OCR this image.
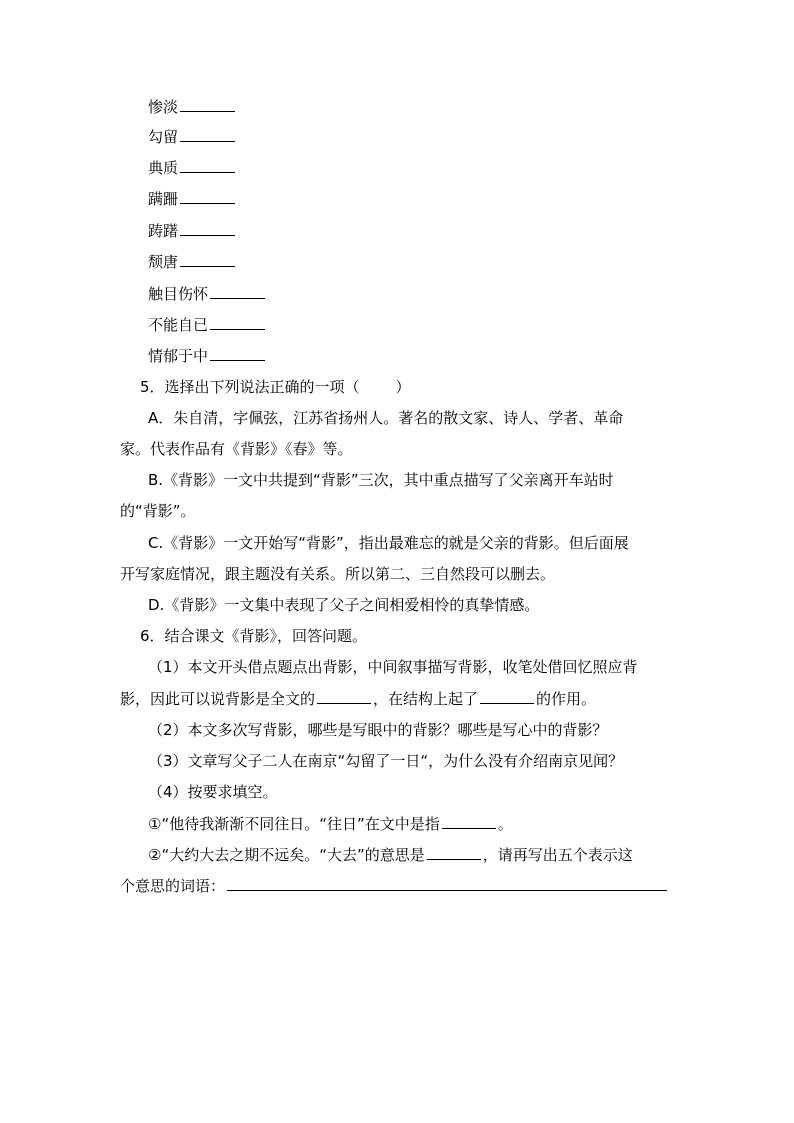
惨淡
勾留
典质
蹒跚
踌躇
颓唐
触目伤怀
不能自已
情郁于中
5．选择出下列说法正确的一项（ ）
A．朱自清，字佩弦，江苏省扬州人。著名的散文家、诗人、学者、革命
家。代表作品有《背影》《春》等。
B.《背影》一文中共提到“背影”三次，其中重点描写了父亲离开车站时
的“背影”。
C.《背影》一文开始写“背影”，指出最难忘的就是父亲的背影。但后面展
开写家庭情况，跟主题没有关系。所以第二、三自然段可以删去。
D.《背影》一文集中表现了父子之间相爱相怜的真挚情感。
6．结合课文《背影》，回答问题。
（1）本文开头借点题点出背影，中间叙事描写背影，收笔处借回忆照应背
影，因此可以说背影是全文的	，在结构上起了	的作用。
（2）本文多次写背影，哪些是写眼中的背影？哪些是写心中的背影？
（3）文章写父子二人在南京“勾留了一日“，为什么没有介绍南京见闻？
（4）按要求填空。
①“他待我渐渐不同往日。“往日”在文中是指	。
②“大约大去之期不远矣。“大去”的意思是	，请再写出五个表示这
个意思的词语：
